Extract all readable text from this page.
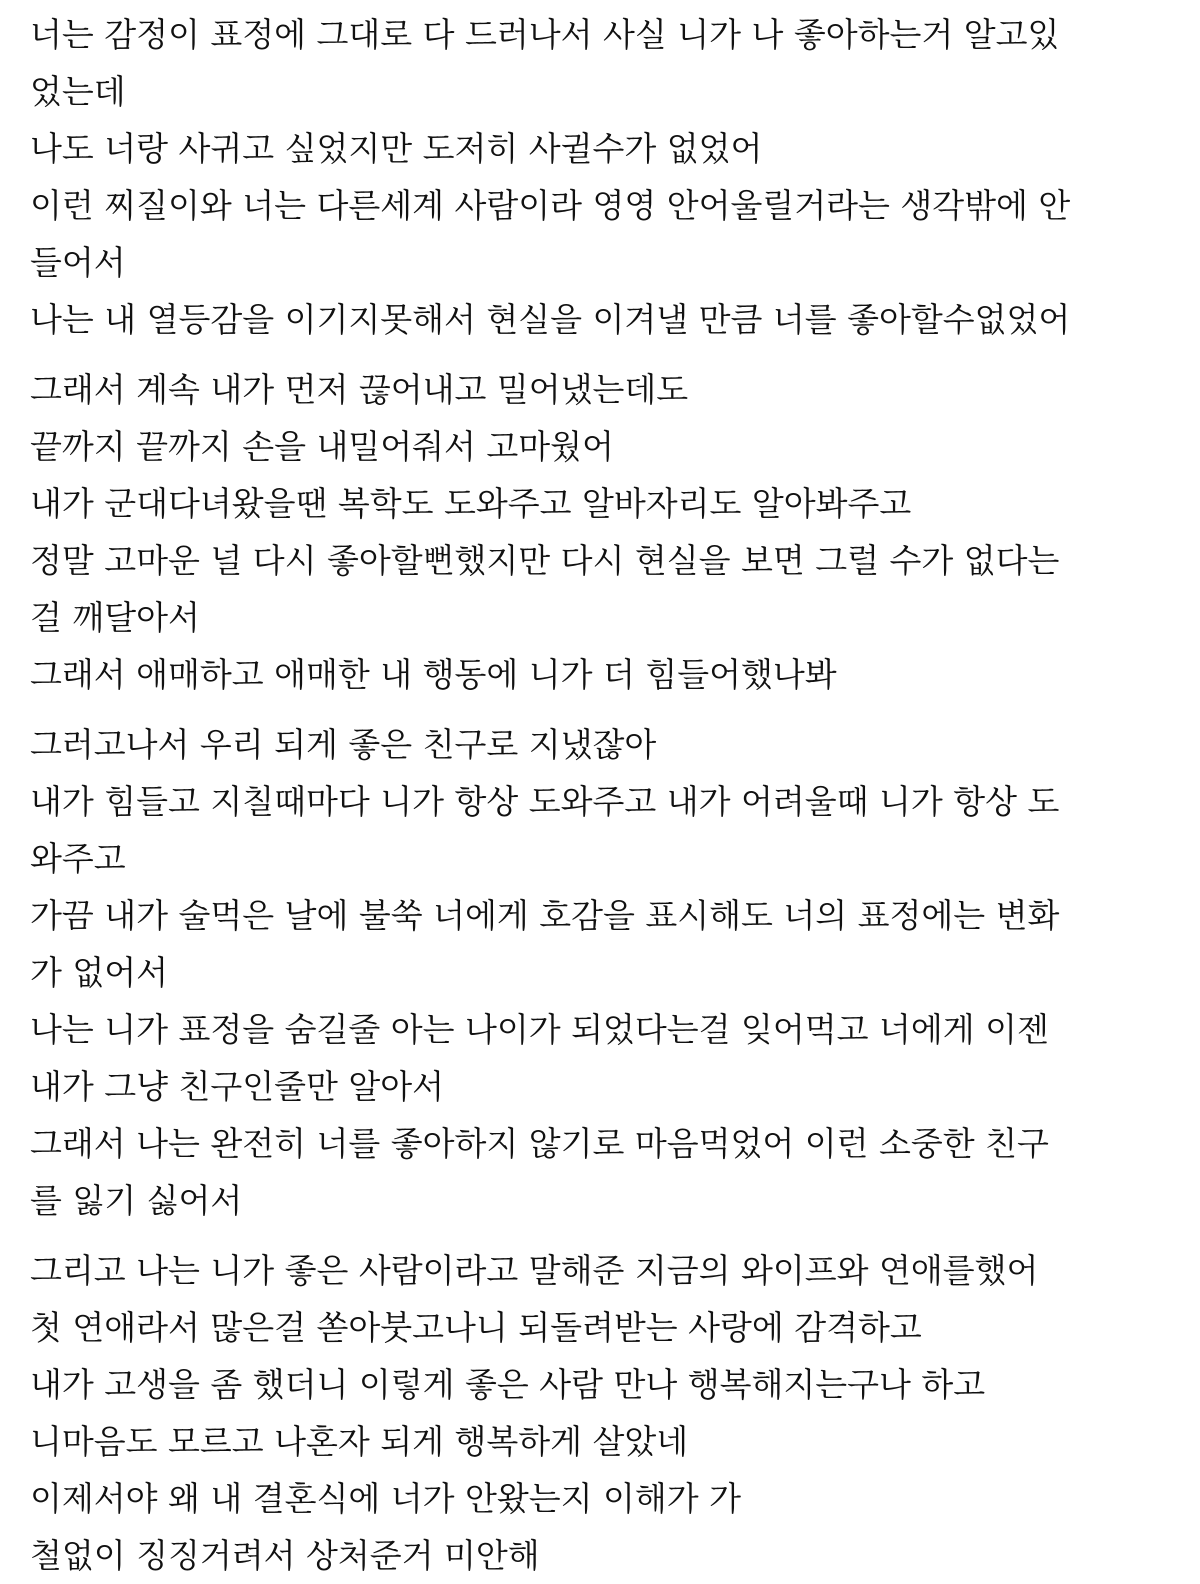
너는 감정이 표정에 그대로 다 드러나서 사실 니가 나 좋아하는거 알고있
었는데
나도 너랑 사귀고 싶었지만 도저히 사귈수가 없었어
이런 찌질이와 너는 다른세계 사람이라 영영 안어울릴거라는 생각밖에 안
들어서
나는 내 열등감을 이기지못해서 현실을 이겨낼 만큼 너를 좋아할수없었어
그래서 계속 내가 먼저 끊어내고 밀어냈는데도
끝까지 끝까지 손을 내밀어줘서 고마웠어
내가 군대다녀왔을땐 복학도 도와주고 알바자리도 알아봐주고
정말 고마운 널 다시 좋아할뻔했지만 다시 현실을 보면 그럴 수가 없다는
걸 깨달아서
그래서 애매하고 애매한 내 행동에 니가 더 힘들어했나봐
그러고나서 우리 되게 좋은 친구로 지냈잖아
내가 힘들고 지칠때마다 니가 항상 도와주고 내가 어려울때 니가 항상 도
와주고
가끔 내가 술먹은 날에 불쑥 너에게 호감을 표시해도 너의 표정에는 변화
가 없어서
나는 니가 표정을 숨길줄 아는 나이가 되었다는걸 잊어먹고 너에게 이젠
내가 그냥 친구인줄만 알아서
그래서 나는 완전히 너를 좋아하지 않기로 마음먹었어 이런 소중한 친구
를 잃기 싫어서
그리고 나는 니가 좋은 사람이라고 말해준 지금의 와이프와 연애를했어
첫 연애라서 많은걸 쏟아붓고나니 되돌려받는 사랑에 감격하고
내가 고생을 좀 했더니 이렇게 좋은 사람 만나 행복해지는구나 하고
니마음도 모르고 나혼자 되게 행복하게 살았네
이제서야 왜 내 결혼식에 너가 안왔는지 이해가 가
철없이 징징거려서 상처준거 미안해
